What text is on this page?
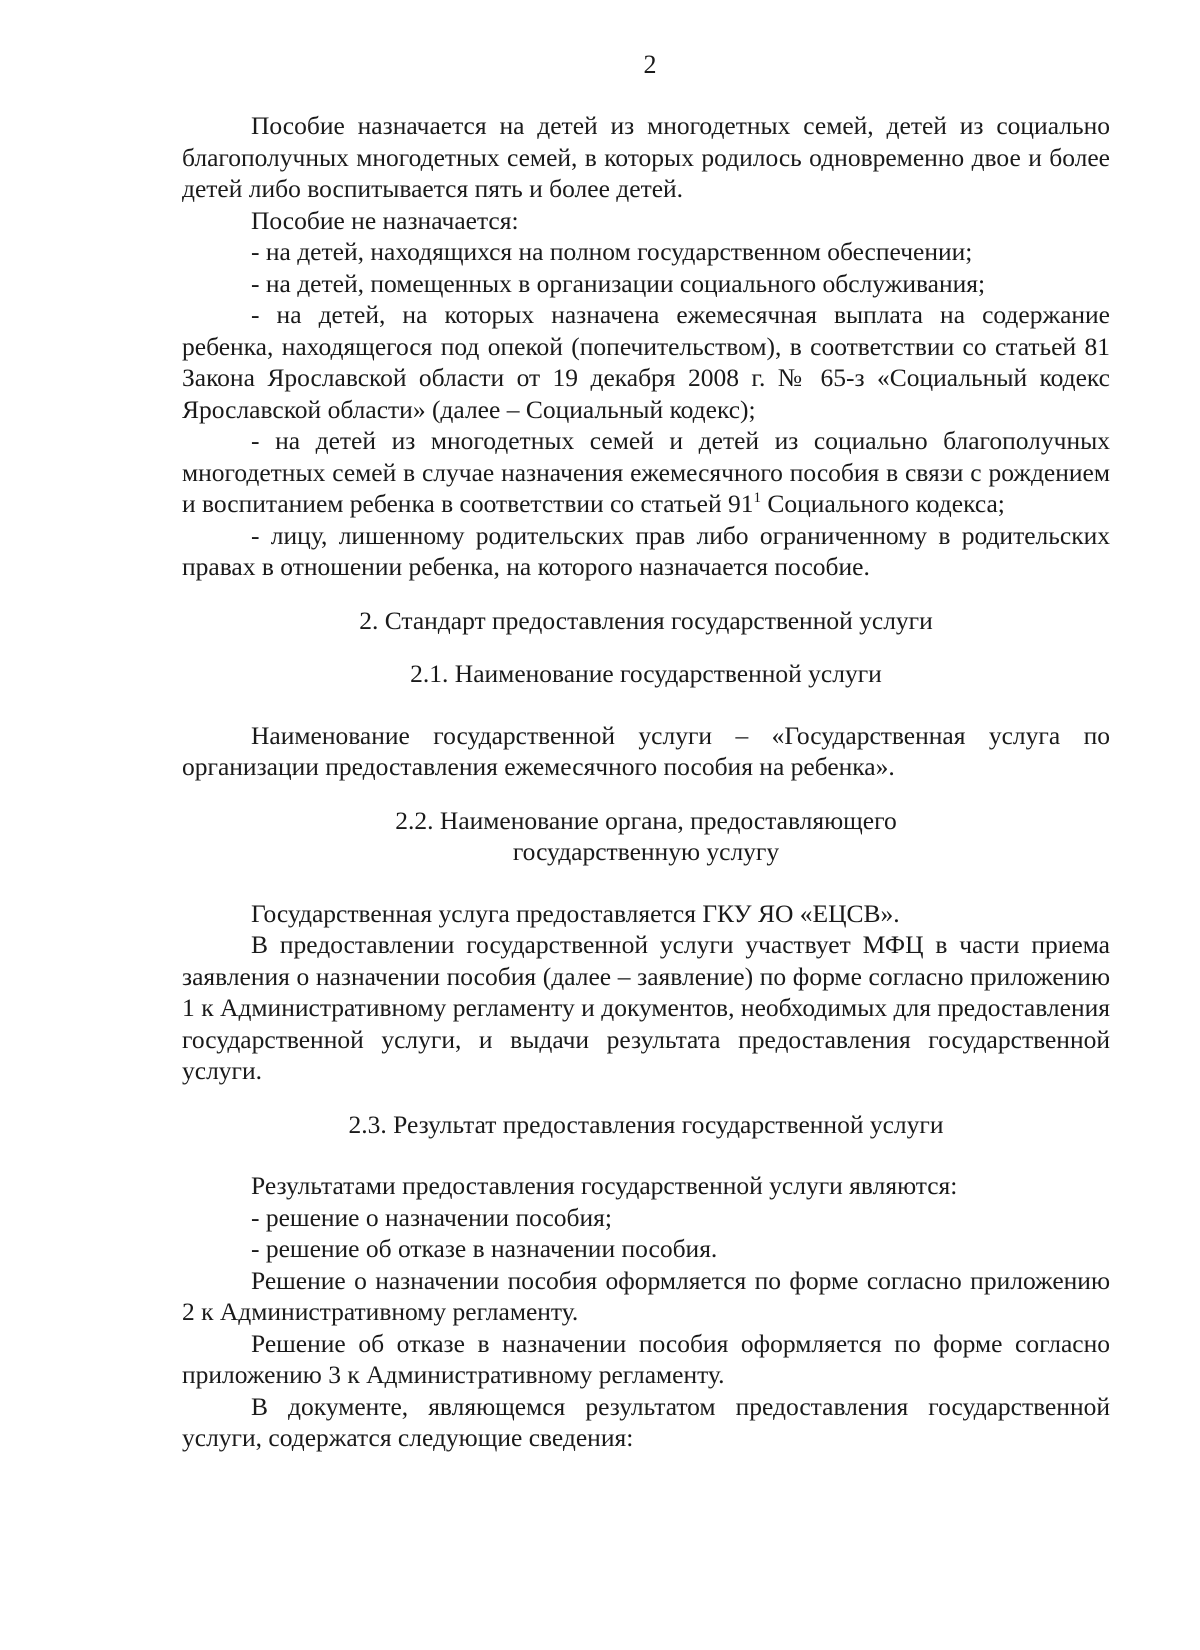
2

Пособие назначается на детей из многодетных семей, детей из социально благополучных многодетных семей, в которых родилось одновременно двое и более детей либо воспитывается пять и более детей.

Пособие не назначается:

- на детей, находящихся на полном государственном обеспечении;

- на детей, помещенных в организации социального обслуживания;

- на детей, на которых назначена ежемесячная выплата на содержание ребенка, находящегося под опекой (попечительством), в соответствии со статьей 81 Закона Ярославской области от 19 декабря 2008 г. № 65-з «Социальный кодекс Ярославской области» (далее – Социальный кодекс);

- на детей из многодетных семей и детей из социально благополучных многодетных семей в случае назначения ежемесячного пособия в связи с рождением и воспитанием ребенка в соответствии со статьей $91^1$ Социального кодекса;

- лицу, лишенному родительских прав либо ограниченному в родительских правах в отношении ребенка, на которого назначается пособие.

2. Стандарт предоставления государственной услуги

2.1. Наименование государственной услуги

Наименование государственной услуги – «Государственная услуга по организации предоставления ежемесячного пособия на ребенка».

2.2. Наименование органа, предоставляющего

государственную услугу

Государственная услуга предоставляется ГКУ ЯО «ЕЦСВ».

В предоставлении государственной услуги участвует МФЦ в части приема заявления о назначении пособия (далее – заявление) по форме согласно приложению 1 к Административному регламенту и документов, необходимых для предоставления государственной услуги, и выдачи результата предоставления государственной услуги.

2.3. Результат предоставления государственной услуги

Результатами предоставления государственной услуги являются:

- решение о назначении пособия;

- решение об отказе в назначении пособия.

Решение о назначении пособия оформляется по форме согласно приложению 2 к Административному регламенту.

Решение об отказе в назначении пособия оформляется по форме согласно приложению 3 к Административному регламенту.

В документе, являющемся результатом предоставления государственной услуги, содержатся следующие сведения:
